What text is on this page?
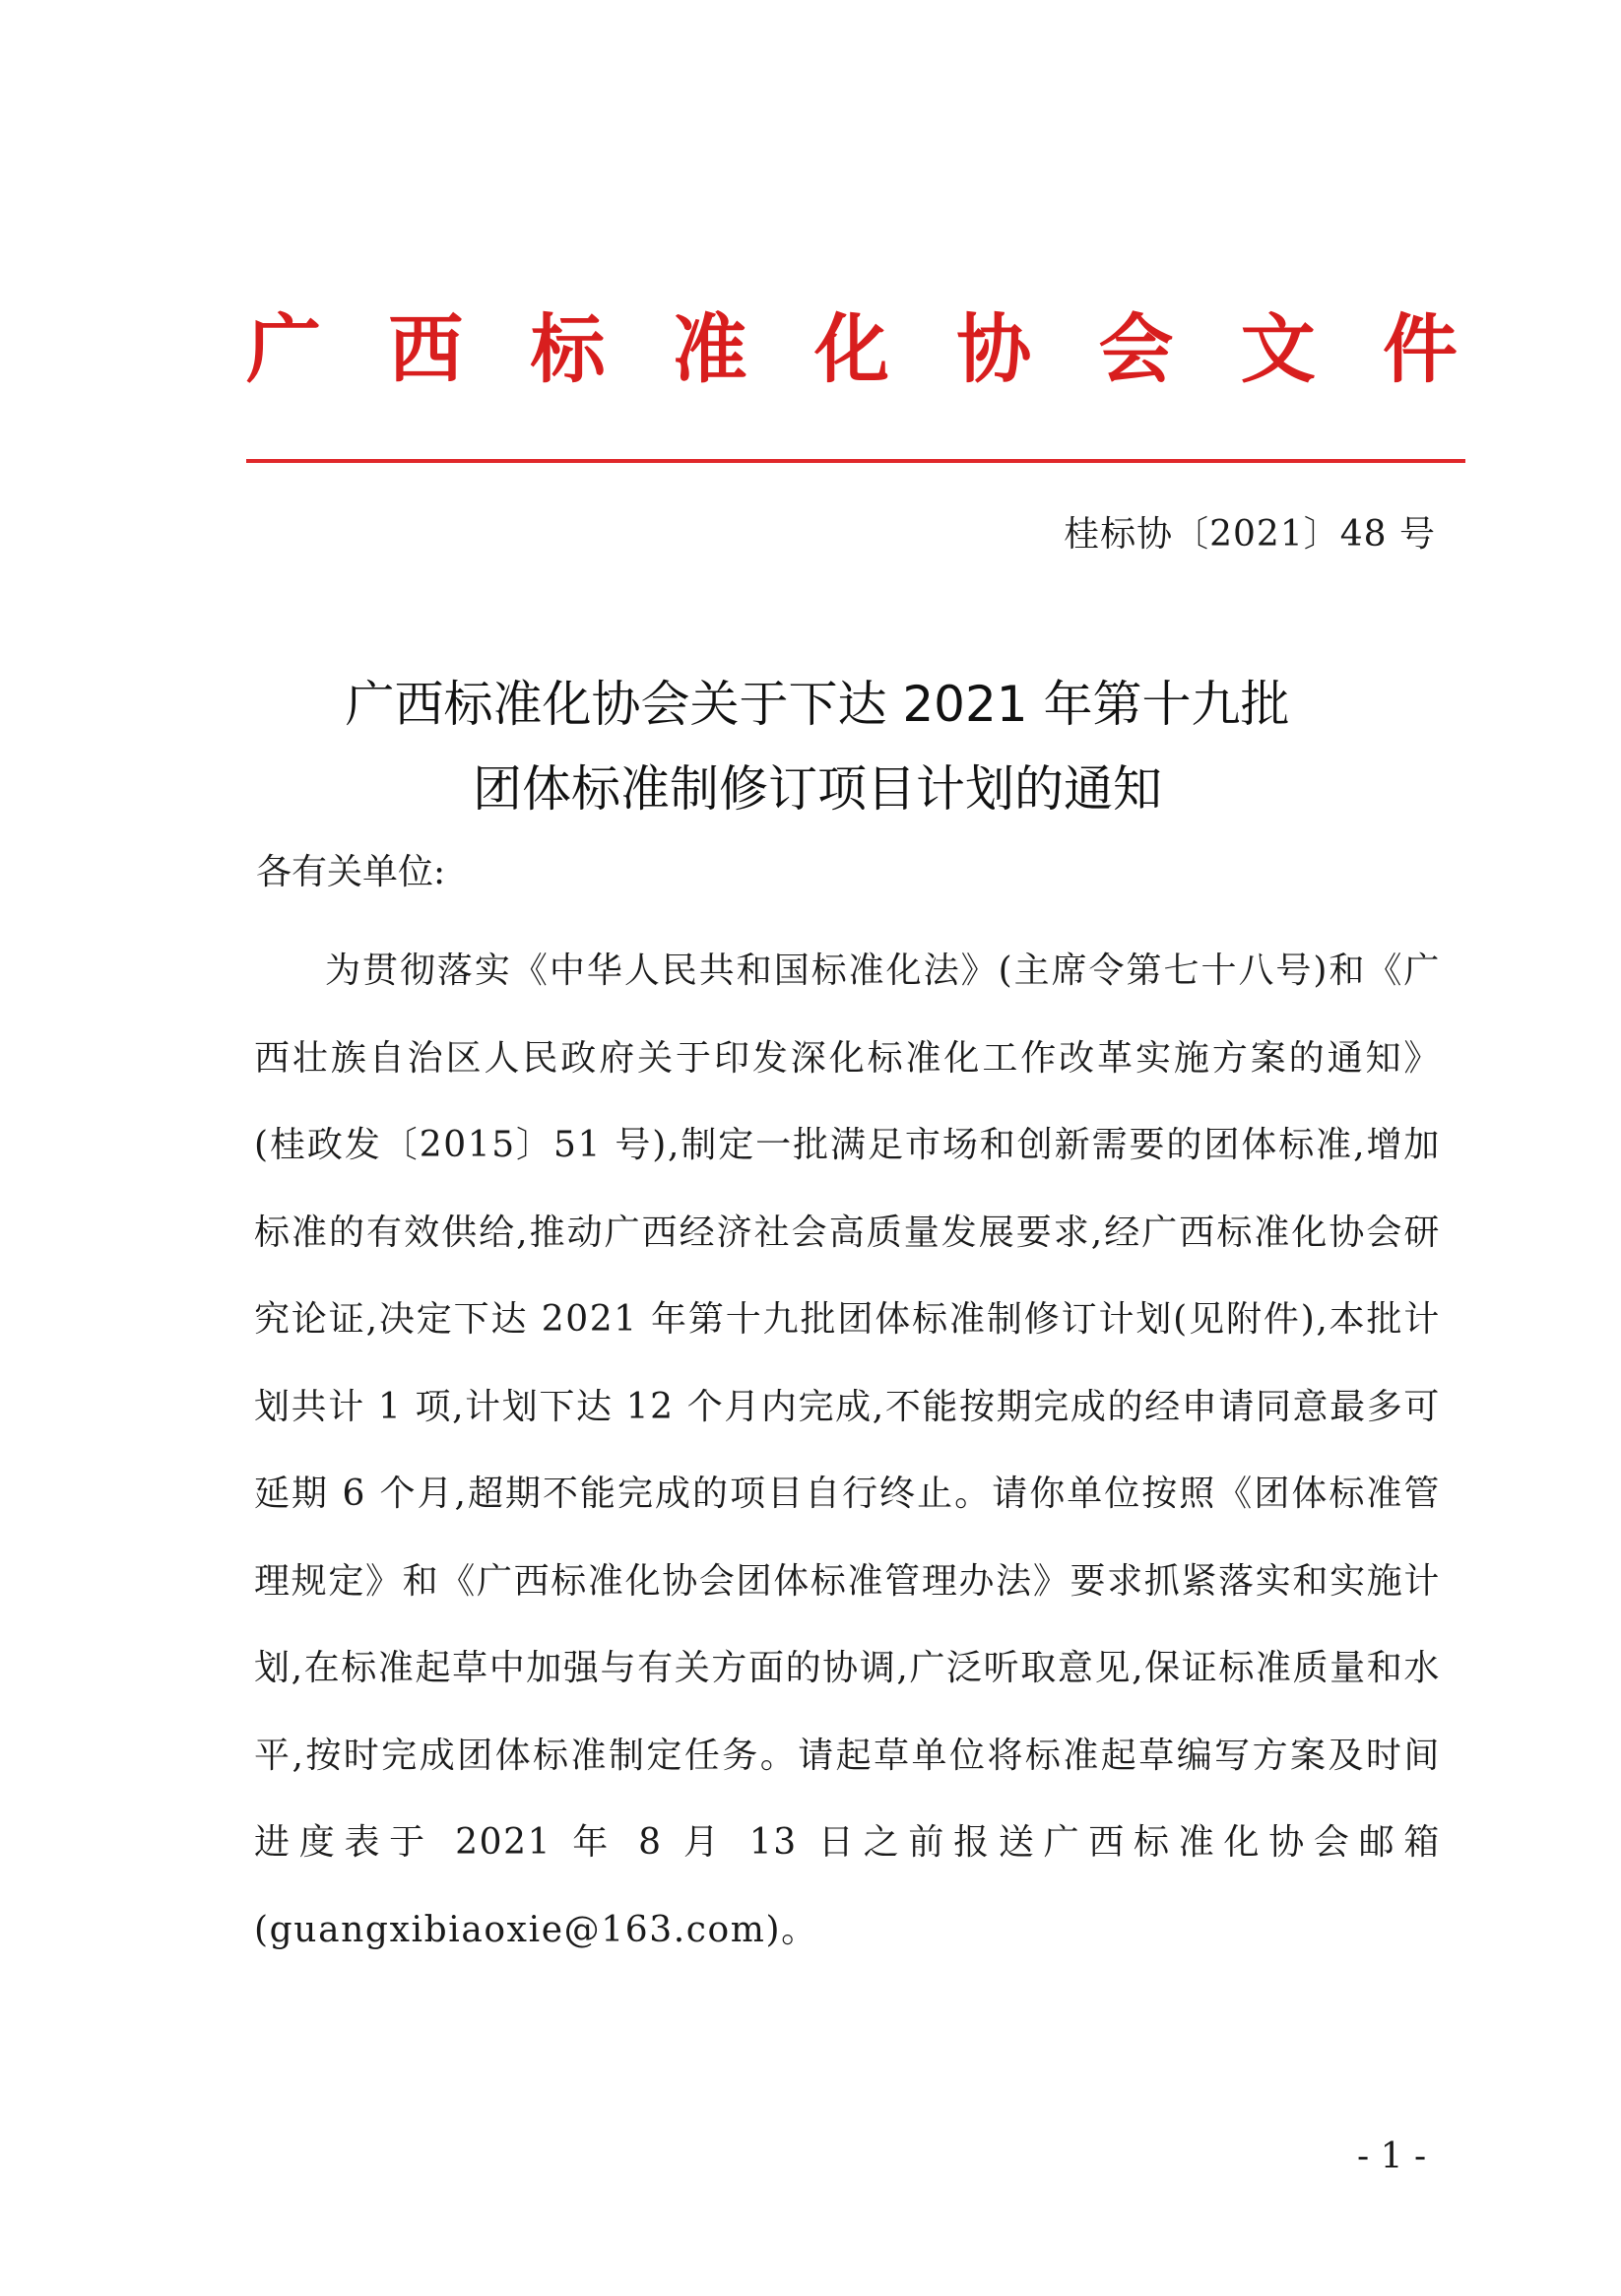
广 西 标 准 化 协 会 文 件
桂标协〔2021〕48 号
广西标准化协会关于下达 2021 年第十九批
团体标准制修订项目计划的通知
各有关单位:

为贯彻落实《中华人民共和国标准化法》(主席令第七十八号)和《广西壮族自治区人民政府关于印发深化标准化工作改革实施方案的通知》(桂政发〔2015〕51 号),制定一批满足市场和创新需要的团体标准,增加标准的有效供给,推动广西经济社会高质量发展要求,经广西标准化协会研究论证,决定下达 2021 年第十九批团体标准制修订计划(见附件),本批计划共计 1 项,计划下达 12 个月内完成,不能按期完成的经申请同意最多可延期 6 个月,超期不能完成的项目自行终止。请你单位按照《团体标准管理规定》和《广西标准化协会团体标准管理办法》要求抓紧落实和实施计划,在标准起草中加强与有关方面的协调,广泛听取意见,保证标准质量和水平,按时完成团体标准制定任务。请起草单位将标准起草编写方案及时间进度表于 2021 年 8 月 13 日之前报送广西标准化协会邮箱(guangxibiaoxie@163.com)。

- 1 -
